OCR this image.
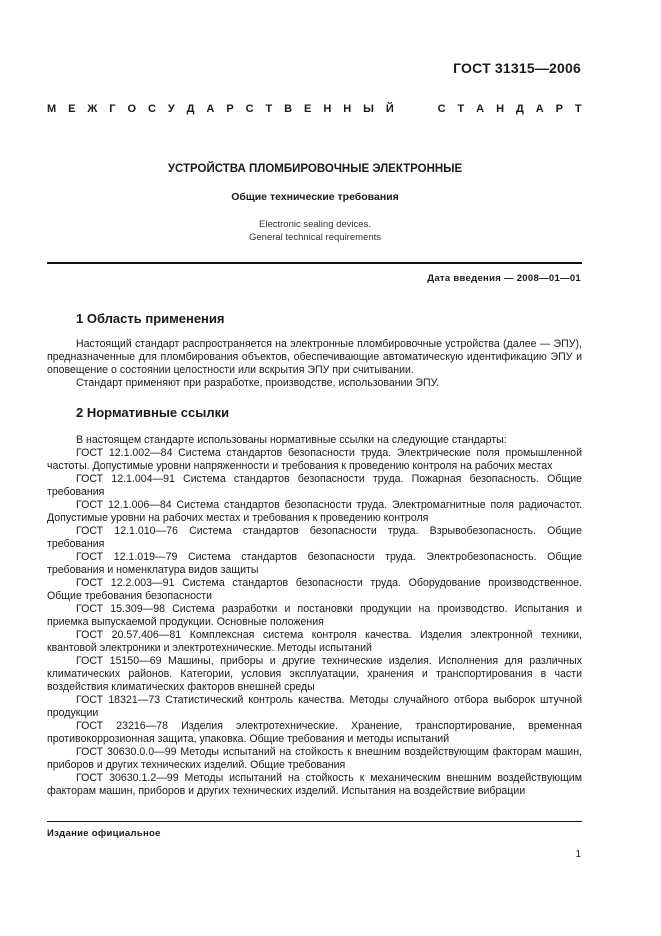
ГОСТ 31315—2006
М Е Ж Г О С У Д А Р С Т В Е Н Н Ы Й	С Т А Н Д А Р Т
УСТРОЙСТВА ПЛОМБИРОВОЧНЫЕ ЭЛЕКТРОННЫЕ
Общие технические требования
Electronic sealing devices.
General technical requirements
Дата введения — 2008—01—01
1 Область применения

Настоящий стандарт распространяется на электронные пломбировочные устройства (далее — ЭПУ), предназначенные для пломбирования объектов, обеспечивающие автоматическую идентификацию ЭПУ и оповещение о состоянии целостности или вскрытия ЭПУ при считывании.

Стандарт применяют при разработке, производстве, использовании ЭПУ.

2 Нормативные ссылки

В настоящем стандарте использованы нормативные ссылки на следующие стандарты:

ГОСТ 12.1.002—84 Система стандартов безопасности труда. Электрические поля промышленной частоты. Допустимые уровни напряженности и требования к проведению контроля на рабочих местах

ГОСТ 12.1.004—91 Система стандартов безопасности труда. Пожарная безопасность. Общие требования

ГОСТ 12.1.006—84 Система стандартов безопасности труда. Электромагнитные поля радиочастот. Допустимые уровни на рабочих местах и требования к проведению контроля

ГОСТ 12.1.010—76 Система стандартов безопасности труда. Взрывобезопасность. Общие требования

ГОСТ 12.1.019—79 Система стандартов безопасности труда. Электробезопасность. Общие требования и номенклатура видов защиты

ГОСТ 12.2.003—91 Система стандартов безопасности труда. Оборудование производственное. Общие требования безопасности

ГОСТ 15.309—98 Система разработки и постановки продукции на производство. Испытания и приемка выпускаемой продукции. Основные положения

ГОСТ 20.57.406—81 Комплексная система контроля качества. Изделия электронной техники, квантовой электроники и электротехнические. Методы испытаний

ГОСТ 15150—69 Машины, приборы и другие технические изделия. Исполнения для различных климатических районов. Категории, условия эксплуатации, хранения и транспортирования в части воздействия климатических факторов внешней среды

ГОСТ 18321—73 Статистический контроль качества. Методы случайного отбора выборок штучной продукции

ГОСТ 23216—78 Изделия электротехнические. Хранение, транспортирование, временная противокоррозионная защита, упаковка. Общие требования и методы испытаний

ГОСТ 30630.0.0—99 Методы испытаний на стойкость к внешним воздействующим факторам машин, приборов и других технических изделий. Общие требования

ГОСТ 30630.1.2—99 Методы испытаний на стойкость к механическим внешним воздействующим факторам машин, приборов и других технических изделий. Испытания на воздействие вибрации

Издание официальное
1
